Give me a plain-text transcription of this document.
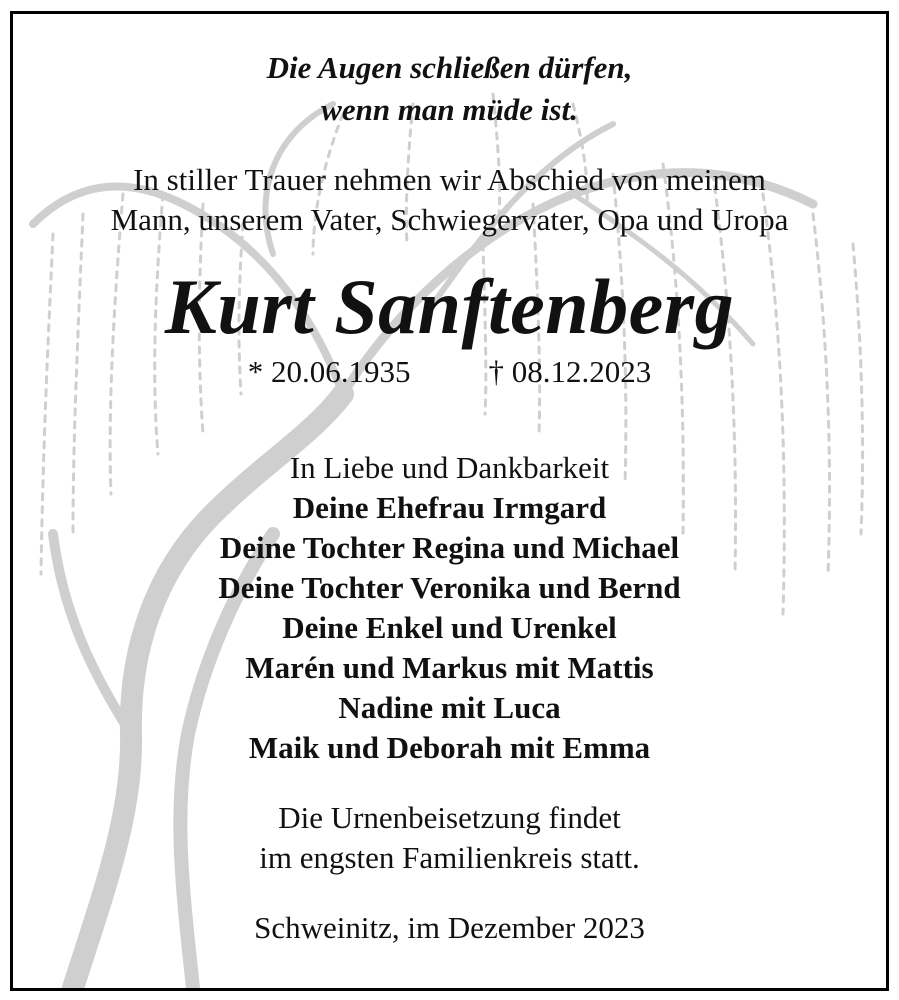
Die Augen schließen dürfen,
wenn man müde ist.
In stiller Trauer nehmen wir Abschied von meinem
Mann, unserem Vater, Schwiegervater, Opa und Uropa
Kurt Sanftenberg
* 20.06.1935	† 08.12.2023
In Liebe und Dankbarkeit
Deine Ehefrau Irmgard
Deine Tochter Regina und Michael
Deine Tochter Veronika und Bernd
Deine Enkel und Urenkel
Marén und Markus mit Mattis
Nadine mit Luca
Maik und Deborah mit Emma
Die Urnenbeisetzung findet
im engsten Familienkreis statt.
Schweinitz, im Dezember 2023
